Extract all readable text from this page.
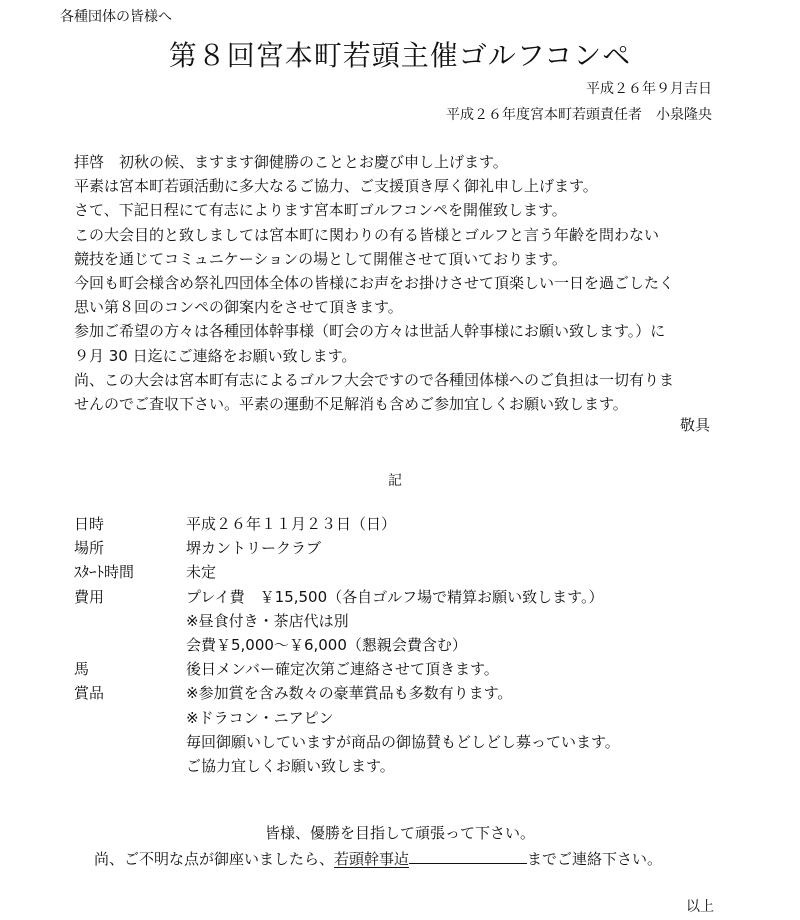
各種団体の皆様へ
第８回宮本町若頭主催ゴルフコンペ
平成２６年９月吉日
平成２６年度宮本町若頭責任者　小泉隆央

拝啓　初秋の候、ますます御健勝のこととお慶び申し上げます。

平素は宮本町若頭活動に多大なるご協力、ご支援頂き厚く御礼申し上げます。

さて、下記日程にて有志によります宮本町ゴルフコンペを開催致します。

この大会目的と致しましては宮本町に関わりの有る皆様とゴルフと言う年齢を問わない

競技を通じてコミュニケーションの場として開催させて頂いております。

今回も町会様含め祭礼四団体全体の皆様にお声をお掛けさせて頂楽しい一日を過ごしたく

思い第８回のコンペの御案内をさせて頂きます。

参加ご希望の方々は各種団体幹事様（町会の方々は世話人幹事様にお願い致します。）に

９月 30 日迄にご連絡をお願い致します。

尚、この大会は宮本町有志によるゴルフ大会ですので各種団体様へのご負担は一切有りま

せんのでご査収下さい。平素の運動不足解消も含めご参加宜しくお願い致します。

敬具
記
日時	平成２６年１１月２３日（日）
場所	堺カントリークラブ
ｽﾀｰﾄ時間	未定
費用	プレイ費　￥15,500（各自ゴルフ場で精算お願い致します。）
※昼食付き・茶店代は別
会費￥5,000〜￥6,000（懇親会費含む）
馬	後日メンバー確定次第ご連絡させて頂きます。
賞品	※参加賞を含み数々の豪華賞品も多数有ります。
※ドラコン・ニアピン
毎回御願いしていますが商品の御協賛もどしどし募っています。
ご協力宜しくお願い致します。
皆様、優勝を目指して頑張って下さい。
尚、ご不明な点が御座いましたら、若頭幹事迠	までご連絡下さい。
以上
